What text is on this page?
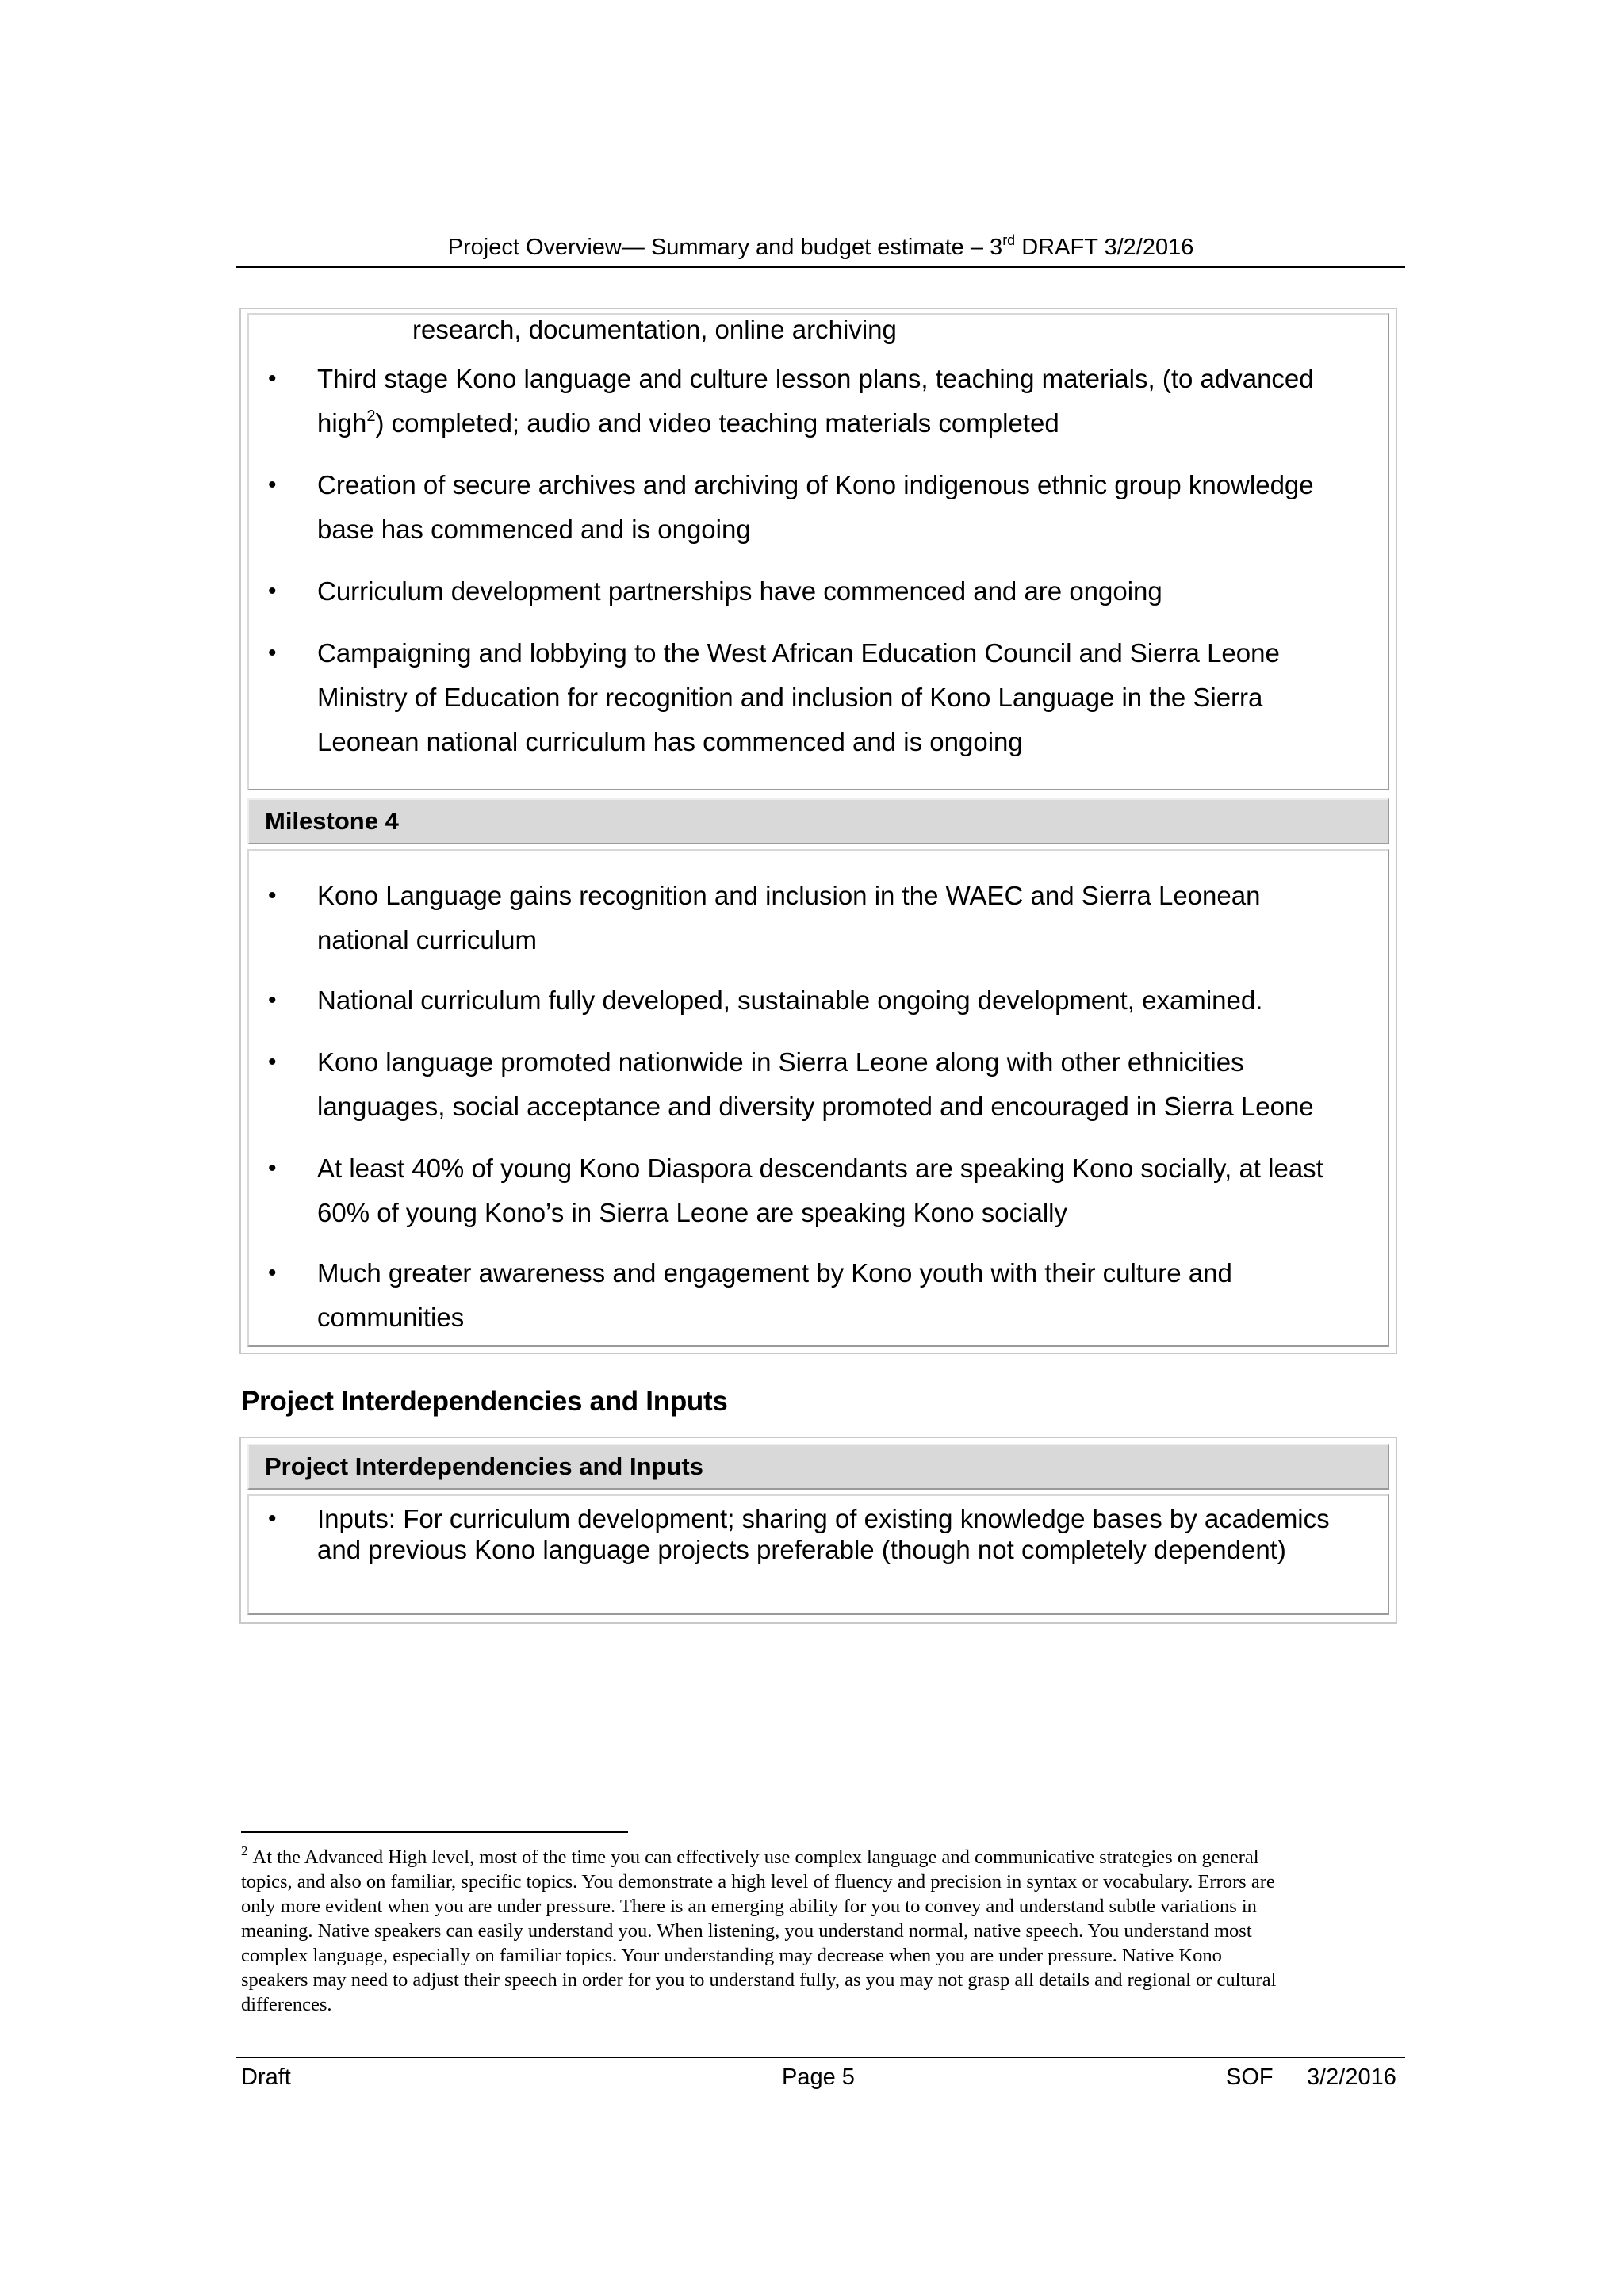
Project Overview— Summary and budget estimate – 3rd DRAFT 3/2/2016
research, documentation, online archiving
• Third stage Kono language and culture lesson plans, teaching materials, (to advanced
high$^2$) completed; audio and video teaching materials completed
• Creation of secure archives and archiving of Kono indigenous ethnic group knowledge
base has commenced and is ongoing
• Curriculum development partnerships have commenced and are ongoing
• Campaigning and lobbying to the West African Education Council and Sierra Leone
Ministry of Education for recognition and inclusion of Kono Language in the Sierra
Leonean national curriculum has commenced and is ongoing
Milestone 4
• Kono Language gains recognition and inclusion in the WAEC and Sierra Leonean
national curriculum
• National curriculum fully developed, sustainable ongoing development, examined.
• Kono language promoted nationwide in Sierra Leone along with other ethnicities
languages, social acceptance and diversity promoted and encouraged in Sierra Leone
• At least 40% of young Kono Diaspora descendants are speaking Kono socially, at least
60% of young Kono’s in Sierra Leone are speaking Kono socially
• Much greater awareness and engagement by Kono youth with their culture and
communities
Project Interdependencies and Inputs
Project Interdependencies and Inputs
• Inputs: For curriculum development; sharing of existing knowledge bases by academics
and previous Kono language projects preferable (though not completely dependent)
$^2$ At the Advanced High level, most of the time you can effectively use complex language and communicative strategies on general
topics, and also on familiar, specific topics. You demonstrate a high level of fluency and precision in syntax or vocabulary. Errors are
only more evident when you are under pressure. There is an emerging ability for you to convey and understand subtle variations in
meaning. Native speakers can easily understand you. When listening, you understand normal, native speech. You understand most
complex language, especially on familiar topics. Your understanding may decrease when you are under pressure. Native Kono
speakers may need to adjust their speech in order for you to understand fully, as you may not grasp all details and regional or cultural
differences.
Draft	Page 5	SOF 3/2/2016
